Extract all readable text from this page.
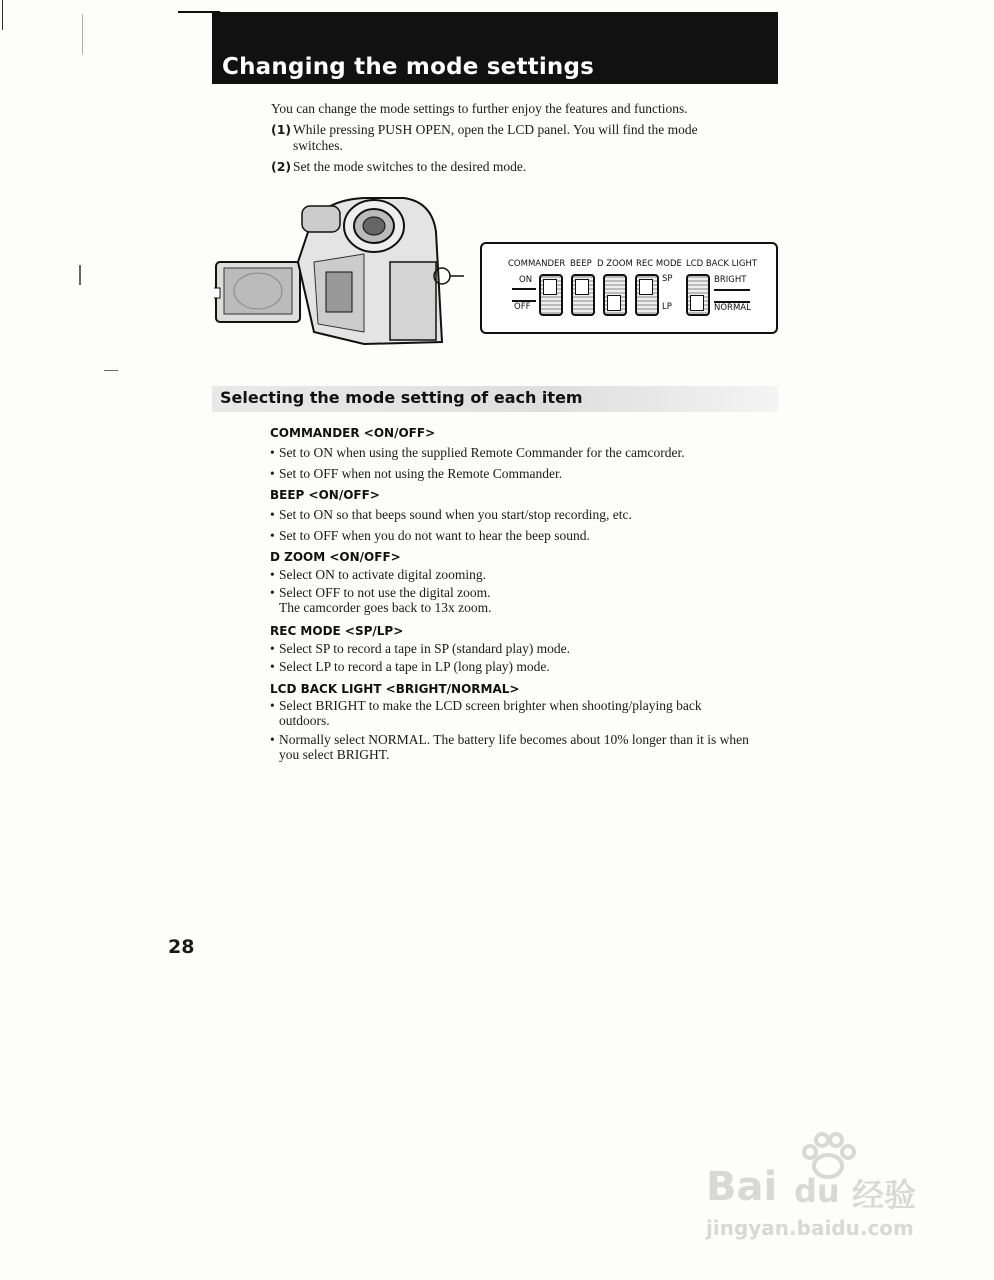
Changing the mode settings
You can change the mode settings to further enjoy the features and functions.
(1) While pressing PUSH OPEN, open the LCD panel. You will find the mode
switches.
(2) Set the mode switches to the desired mode.
COMMANDER BEEP D ZOOM REC MODE LCD BACK LIGHT
ON
OFF
SP
LP
BRIGHT
NORMAL
Selecting the mode setting of each item
COMMANDER <ON/OFF>
• Set to ON when using the supplied Remote Commander for the camcorder.
• Set to OFF when not using the Remote Commander.
BEEP <ON/OFF>
• Set to ON so that beeps sound when you start/stop recording, etc.
• Set to OFF when you do not want to hear the beep sound.
D ZOOM <ON/OFF>
• Select ON to activate digital zooming.
• Select OFF to not use the digital zoom.
The camcorder goes back to 13x zoom.
REC MODE <SP/LP>
• Select SP to record a tape in SP (standard play) mode.
• Select LP to record a tape in LP (long play) mode.
LCD BACK LIGHT <BRIGHT/NORMAL>
• Select BRIGHT to make the LCD screen brighter when shooting/playing back
outdoors.
• Normally select NORMAL. The battery life becomes about 10% longer than it is when
you select BRIGHT.
28
Bai du 经验
jingyan.baidu.com
